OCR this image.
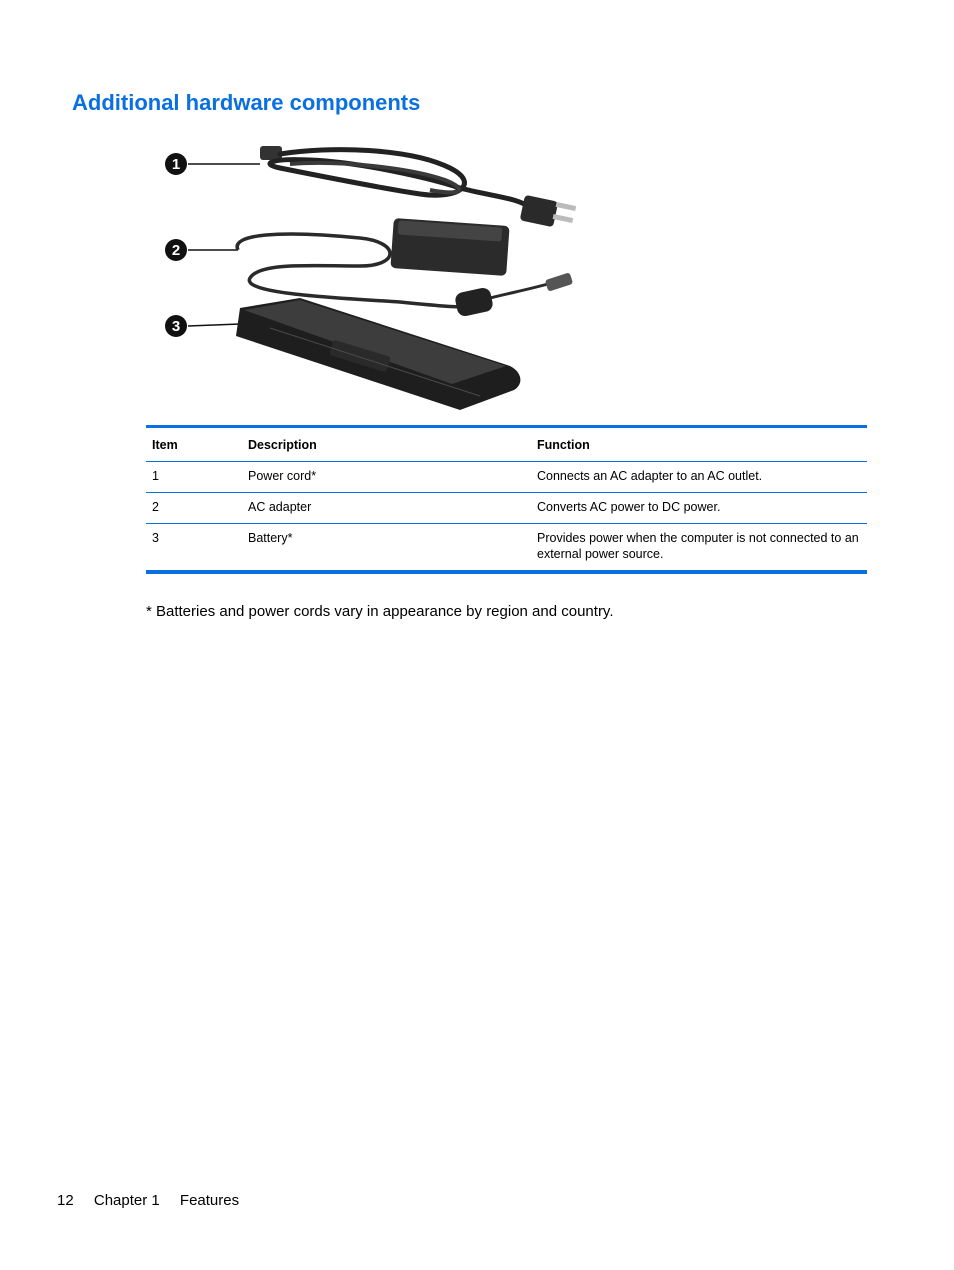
Additional hardware components
1
2
3
Item	Description	Function
1	Power cord*	Connects an AC adapter to an AC outlet.
2	AC adapter	Converts AC power to DC power.
3	Battery*	Provides power when the computer is not connected to an external power source.

* Batteries and power cords vary in appearance by region and country.

12 Chapter 1 Features
